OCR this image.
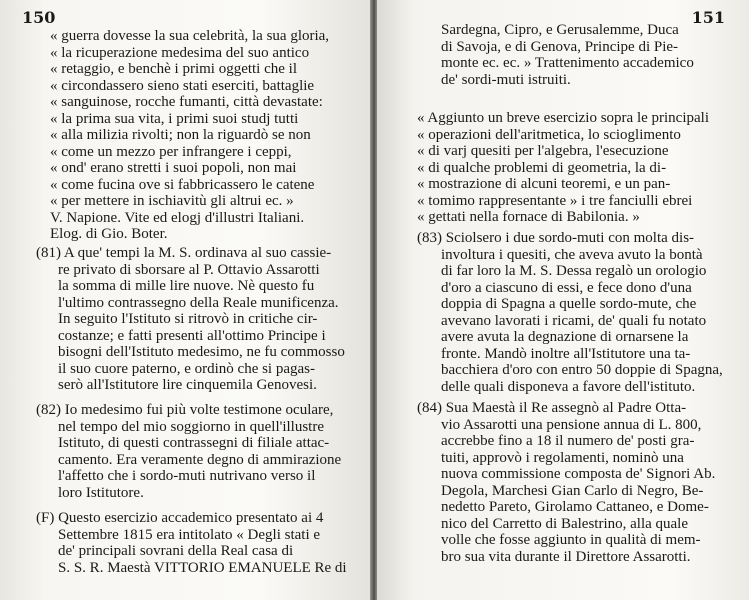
150
« guerra dovesse la sua celebrità, la sua gloria,
« la ricuperazione medesima del suo antico
« retaggio, e benchè i primi oggetti che il
« circondassero sieno stati eserciti, battaglie
« sanguinose, rocche fumanti, città devastate:
« la prima sua vita, i primi suoi studj tutti
« alla milizia rivolti; non la riguardò se non
« come un mezzo per infrangere i ceppi,
« ond' erano stretti i suoi popoli, non mai
« come fucina ove si fabbricassero le catene
« per mettere in ischiavitù gli altrui ec. »
V. Napione. Vite ed elogj d'illustri Italiani.
Elog. di Gio. Boter.
(81) A que' tempi la M. S. ordinava al suo cassie-
re privato di sborsare al P. Ottavio Assarotti
la somma di mille lire nuove. Nè questo fu
l'ultimo contrassegno della Reale munificenza.
In seguito l'Istituto si ritrovò in critiche cir-
costanze; e fatti presenti all'ottimo Principe i
bisogni dell'Istituto medesimo, ne fu commosso
il suo cuore paterno, e ordinò che si pagas-
serò all'Istitutore lire cinquemila Genovesi.
(82) Io medesimo fui più volte testimone oculare,
nel tempo del mio soggiorno in quell'illustre
Istituto, di questi contrassegni di filiale attac-
camento. Era veramente degno di ammirazione
l'affetto che i sordo-muti nutrivano verso il
loro Istitutore.
(F) Questo esercizio accademico presentato ai 4
Settembre 1815 era intitolato « Degli stati e
de' principali sovrani della Real casa di
S. S. R. Maestà VITTORIO EMANUELE Re di
151
Sardegna, Cipro, e Gerusalemme, Duca
di Savoja, e di Genova, Principe di Pie-
monte ec. ec. » Trattenimento accademico
de' sordi-muti istruiti.
« Aggiunto un breve esercizio sopra le principali
« operazioni dell'aritmetica, lo scioglimento
« di varj quesiti per l'algebra, l'esecuzione
« di qualche problemi di geometria, la di-
« mostrazione di alcuni teoremi, e un pan-
« tomimo rappresentante » i tre fanciulli ebrei
« gettati nella fornace di Babilonia. »
(83) Sciolsero i due sordo-muti con molta dis-
involtura i quesiti, che aveva avuto la bontà
di far loro la M. S. Dessa regalò un orologio
d'oro a ciascuno di essi, e fece dono d'una
doppia di Spagna a quelle sordo-mute, che
avevano lavorati i ricami, de' quali fu notato
avere avuta la degnazione di ornarsene la
fronte. Mandò inoltre all'Istitutore una ta-
bacchiera d'oro con entro 50 doppie di Spagna,
delle quali disponeva a favore dell'istituto.
(84) Sua Maestà il Re assegnò al Padre Otta-
vio Assarotti una pensione annua di L. 800,
accrebbe fino a 18 il numero de' posti gra-
tuiti, approvò i regolamenti, nominò una
nuova commissione composta de' Signori Ab.
Degola, Marchesi Gian Carlo di Negro, Be-
nedetto Pareto, Girolamo Cattaneo, e Dome-
nico del Carretto di Balestrino, alla quale
volle che fosse aggiunto in qualità di mem-
bro sua vita durante il Direttore Assarotti.
